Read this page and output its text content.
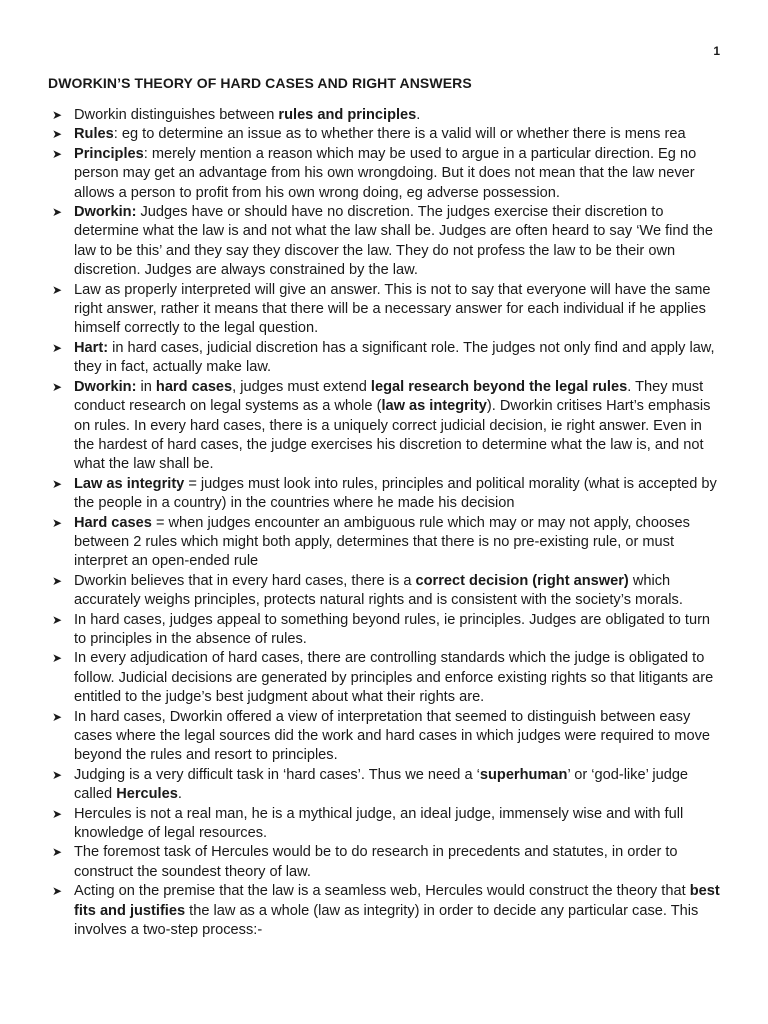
1
DWORKIN’S THEORY OF HARD CASES AND RIGHT ANSWERS
➤ Dworkin distinguishes between rules and principles.
➤ Rules: eg to determine an issue as to whether there is a valid will or whether there is mens rea
➤ Principles: merely mention a reason which may be used to argue in a particular direction. Eg no person may get an advantage from his own wrongdoing. But it does not mean that the law never allows a person to profit from his own wrong doing, eg adverse possession.
➤ Dworkin: Judges have or should have no discretion. The judges exercise their discretion to determine what the law is and not what the law shall be. Judges are often heard to say ‘We find the law to be this’ and they say they discover the law. They do not profess the law to be their own discretion. Judges are always constrained by the law.
➤ Law as properly interpreted will give an answer. This is not to say that everyone will have the same right answer, rather it means that there will be a necessary answer for each individual if he applies himself correctly to the legal question.
➤ Hart: in hard cases, judicial discretion has a significant role. The judges not only find and apply law, they in fact, actually make law.
➤ Dworkin: in hard cases, judges must extend legal research beyond the legal rules. They must conduct research on legal systems as a whole (law as integrity). Dworkin critises Hart’s emphasis on rules. In every hard cases, there is a uniquely correct judicial decision, ie right answer. Even in the hardest of hard cases, the judge exercises his discretion to determine what the law is, and not what the law shall be.
➤ Law as integrity = judges must look into rules, principles and political morality (what is accepted by the people in a country) in the countries where he made his decision
➤ Hard cases = when judges encounter an ambiguous rule which may or may not apply, chooses between 2 rules which might both apply, determines that there is no pre-existing rule, or must interpret an open-ended rule
➤ Dworkin believes that in every hard cases, there is a correct decision (right answer) which accurately weighs principles, protects natural rights and is consistent with the society’s morals.
➤ In hard cases, judges appeal to something beyond rules, ie principles. Judges are obligated to turn to principles in the absence of rules.
➤ In every adjudication of hard cases, there are controlling standards which the judge is obligated to follow. Judicial decisions are generated by principles and enforce existing rights so that litigants are entitled to the judge’s best judgment about what their rights are.
➤ In hard cases, Dworkin offered a view of interpretation that seemed to distinguish between easy cases where the legal sources did the work and hard cases in which judges were required to move beyond the rules and resort to principles.
➤ Judging is a very difficult task in ‘hard cases’. Thus we need a ‘superhuman’ or ‘god-like’ judge called Hercules.
➤ Hercules is not a real man, he is a mythical judge, an ideal judge, immensely wise and with full knowledge of legal resources.
➤ The foremost task of Hercules would be to do research in precedents and statutes, in order to construct the soundest theory of law.
➤ Acting on the premise that the law is a seamless web, Hercules would construct the theory that best fits and justifies the law as a whole (law as integrity) in order to decide any particular case. This involves a two-step process:-
